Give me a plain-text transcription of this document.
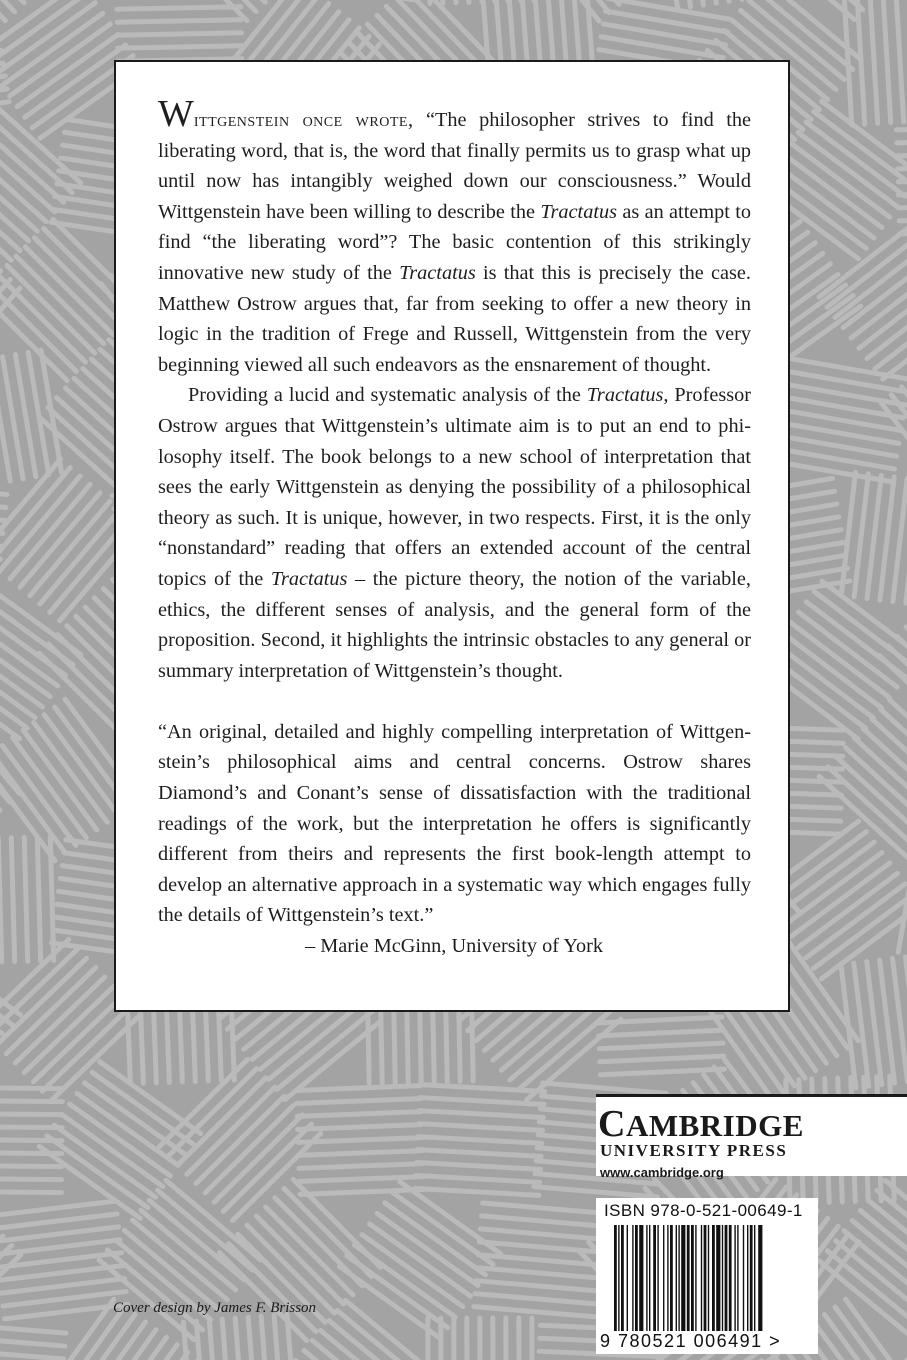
Wittgenstein once wrote, “The philosopher strives to find the liberating word, that is, the word that finally permits us to grasp what up until now has intangibly weighed down our consciousness.” Would Wittgenstein have been willing to describe the Tractatus as an attempt to find “the liberating word”? The basic contention of this strikingly innovative new study of the Tractatus is that this is precisely the case. Matthew Ostrow argues that, far from seeking to offer a new theory in logic in the tradition of Frege and Russell, Wittgenstein from the very beginning viewed all such endeavors as the ensnarement of thought.

Providing a lucid and systematic analysis of the Tractatus, Professor Ostrow argues that Wittgenstein’s ultimate aim is to put an end to philosophy itself. The book belongs to a new school of interpretation that sees the early Wittgenstein as denying the possibility of a philosophical theory as such. It is unique, however, in two respects. First, it is the only “nonstandard” reading that offers an extended account of the central topics of the Tractatus – the picture theory, the notion of the variable, ethics, the different senses of analysis, and the general form of the proposition. Second, it highlights the intrinsic obstacles to any general or summary interpretation of Wittgenstein’s thought.

“An original, detailed and highly compelling interpretation of Wittgenstein’s philosophical aims and central concerns. Ostrow shares Diamond’s and Conant’s sense of dissatisfaction with the traditional readings of the work, but the interpretation he offers is significantly different from theirs and represents the first book-length attempt to develop an alternative approach in a systematic way which engages fully the details of Wittgenstein’s text.”

– Marie McGinn, University of York

CAMBRIDGE
UNIVERSITY PRESS
www.cambridge.org
ISBN 978-0-521-00649-1
9 780521 006491 >
Cover design by James F. Brisson
